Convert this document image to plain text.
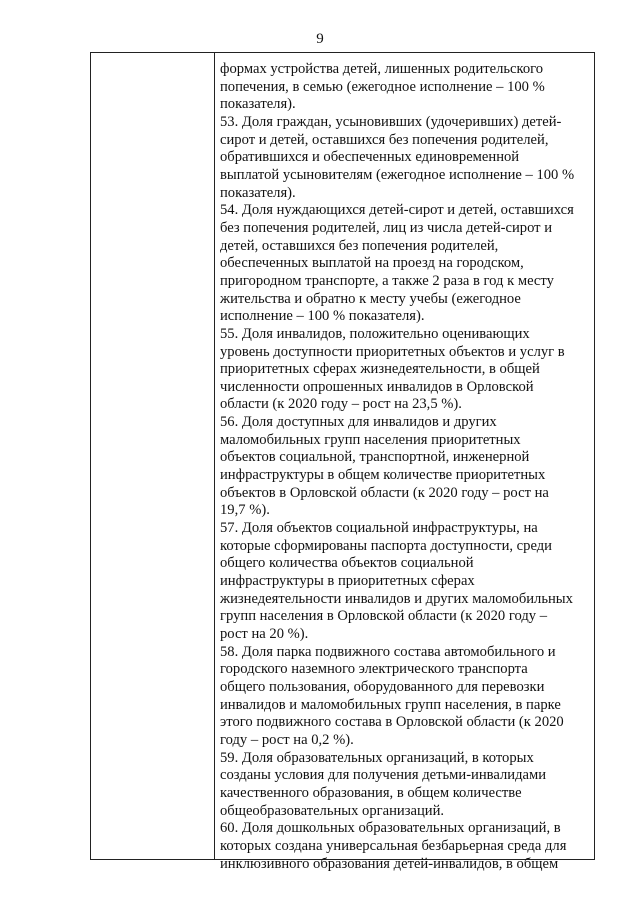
9
формах устройства детей, лишенных родительского
попечения, в семью (ежегодное исполнение – 100 %
показателя).
53. Доля граждан, усыновивших (удочеривших) детей-
сирот и детей, оставшихся без попечения родителей,
обратившихся и обеспеченных единовременной
выплатой усыновителям (ежегодное исполнение – 100 %
показателя).
54. Доля нуждающихся детей-сирот и детей, оставшихся
без попечения родителей, лиц из числа детей-сирот и
детей, оставшихся без попечения родителей,
обеспеченных выплатой на проезд на городском,
пригородном транспорте, а также 2 раза в год к месту
жительства и обратно к месту учебы (ежегодное
исполнение – 100 % показателя).
55. Доля инвалидов, положительно оценивающих
уровень доступности приоритетных объектов и услуг в
приоритетных сферах жизнедеятельности, в общей
численности опрошенных инвалидов в Орловской
области (к 2020 году – рост на 23,5 %).
56. Доля доступных для инвалидов и других
маломобильных групп населения приоритетных
объектов социальной, транспортной, инженерной
инфраструктуры в общем количестве приоритетных
объектов в Орловской области (к 2020 году – рост на
19,7 %).
57. Доля объектов социальной инфраструктуры, на
которые сформированы паспорта доступности, среди
общего количества объектов социальной
инфраструктуры в приоритетных сферах
жизнедеятельности инвалидов и других маломобильных
групп населения в Орловской области (к 2020 году –
рост на 20 %).
58. Доля парка подвижного состава автомобильного и
городского наземного электрического транспорта
общего пользования, оборудованного для перевозки
инвалидов и маломобильных групп населения, в парке
этого подвижного состава в Орловской области (к 2020
году – рост на 0,2 %).
59. Доля образовательных организаций, в которых
созданы условия для получения детьми-инвалидами
качественного образования, в общем количестве
общеобразовательных организаций.
60. Доля дошкольных образовательных организаций, в
которых создана универсальная безбарьерная среда для
инклюзивного образования детей-инвалидов, в общем
